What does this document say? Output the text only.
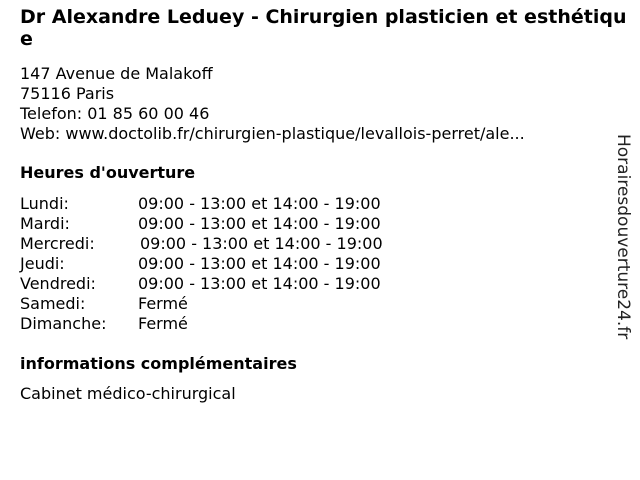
Dr Alexandre Leduey - Chirurgien plasticien et esthétique
147 Avenue de Malakoff
75116 Paris
Telefon: 01 85 60 00 46
Web: www.doctolib.fr/chirurgien-plastique/levallois-perret/ale...
Heures d'ouverture
Lundi:	09:00 - 13:00 et 14:00 - 19:00
Mardi:	09:00 - 13:00 et 14:00 - 19:00
Mercredi:	09:00 - 13:00 et 14:00 - 19:00
Jeudi:	09:00 - 13:00 et 14:00 - 19:00
Vendredi:	09:00 - 13:00 et 14:00 - 19:00
Samedi:	Fermé
Dimanche: Fermé
informations complémentaires
Cabinet médico-chirurgical
Horairesdouverture24.fr
